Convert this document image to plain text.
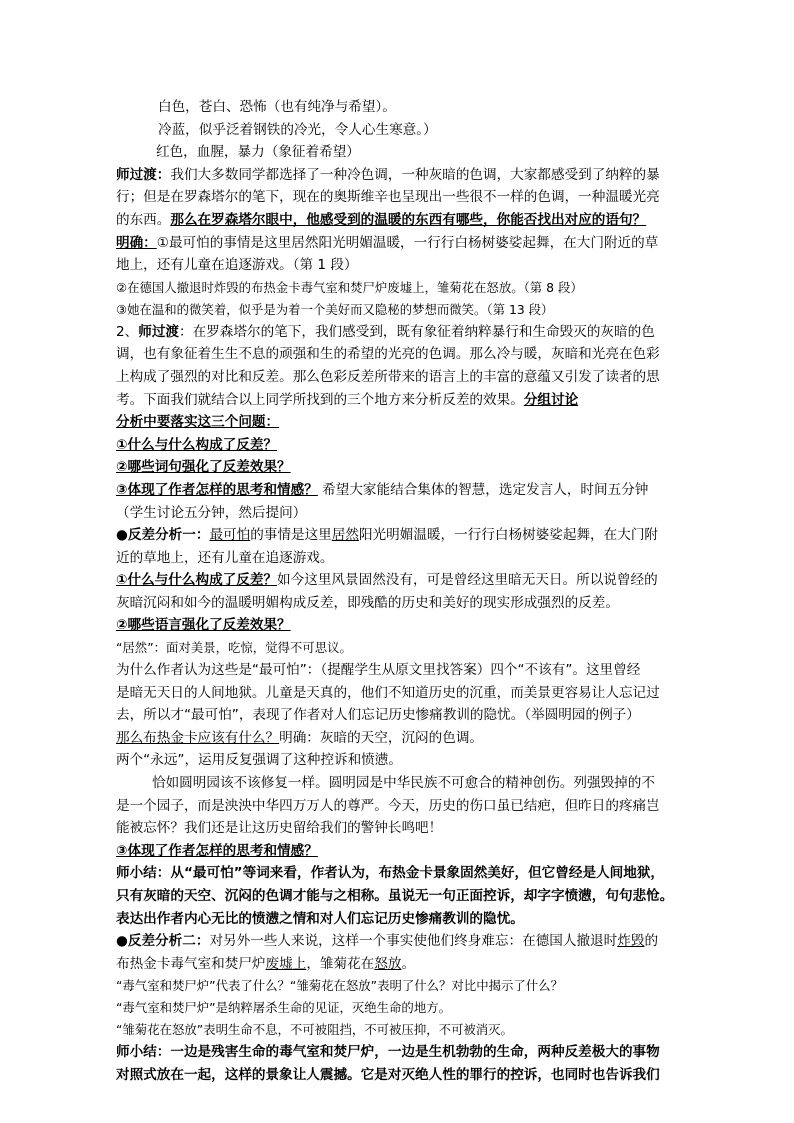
白色，苍白、恐怖（也有纯净与希望）。
冷蓝，似乎泛着钢铁的冷光，令人心生寒意。）
红色，血腥，暴力（象征着希望）
师过渡：我们大多数同学都选择了一种冷色调，一种灰暗的色调，大家都感受到了纳粹的暴
行；但是在罗森塔尔的笔下，现在的奥斯维辛也呈现出一些很不一样的色调，一种温暖光亮
的东西。那么在罗森塔尔眼中，他感受到的温暖的东西有哪些，你能否找出对应的语句？
明确：①最可怕的事情是这里居然阳光明媚温暖，一行行白杨树婆娑起舞，在大门附近的草
地上，还有儿童在追逐游戏。（第 1 段）
②在德国人撤退时炸毁的布热金卡毒气室和焚尸炉废墟上，雏菊花在怒放。（第 8 段）
③她在温和的微笑着，似乎是为着一个美好而又隐秘的梦想而微笑。（第 13 段）
2、师过渡：在罗森塔尔的笔下，我们感受到，既有象征着纳粹暴行和生命毁灭的灰暗的色
调，也有象征着生生不息的顽强和生的希望的光亮的色调。那么冷与暖，灰暗和光亮在色彩
上构成了强烈的对比和反差。那么色彩反差所带来的语言上的丰富的意蕴又引发了读者的思
考。下面我们就结合以上同学所找到的三个地方来分析反差的效果。分组讨论
分析中要落实这三个问题：
①什么与什么构成了反差？
②哪些词句强化了反差效果？
③体现了作者怎样的思考和情感？ 希望大家能结合集体的智慧，选定发言人，时间五分钟
（学生讨论五分钟，然后提问）
●反差分析一：最可怕的事情是这里居然阳光明媚温暖，一行行白杨树婆娑起舞，在大门附
近的草地上，还有儿童在追逐游戏。
①什么与什么构成了反差？如今这里风景固然没有，可是曾经这里暗无天日。所以说曾经的
灰暗沉闷和如今的温暖明媚构成反差，即残酷的历史和美好的现实形成强烈的反差。
②哪些语言强化了反差效果？
“居然”：面对美景，吃惊，觉得不可思议。
为什么作者认为这些是“最可怕”：（提醒学生从原文里找答案）四个“不该有”。这里曾经
是暗无天日的人间地狱。儿童是天真的，他们不知道历史的沉重，而美景更容易让人忘记过
去，所以才“最可怕”，表现了作者对人们忘记历史惨痛教训的隐忧。（举圆明园的例子）
那么布热金卡应该有什么？明确：灰暗的天空，沉闷的色调。
两个“永远”，运用反复强调了这种控诉和愤懑。
恰如圆明园该不该修复一样。圆明园是中华民族不可愈合的精神创伤。列强毁掉的不
是一个园子，而是泱泱中华四万万人的尊严。今天，历史的伤口虽已结疤，但昨日的疼痛岂
能被忘怀？我们还是让这历史留给我们的警钟长鸣吧！
③体现了作者怎样的思考和情感？
师小结：从“最可怕”等词来看，作者认为，布热金卡景象固然美好，但它曾经是人间地狱，
只有灰暗的天空、沉闷的色调才能与之相称。虽说无一句正面控诉，却字字愤懑，句句悲怆。
表达出作者内心无比的愤懑之情和对人们忘记历史惨痛教训的隐忧。
●反差分析二：对另外一些人来说，这样一个事实使他们终身难忘：在德国人撤退时炸毁的
布热金卡毒气室和焚尸炉废墟上，雏菊花在怒放。
“毒气室和焚尸炉”代表了什么？“雏菊花在怒放”表明了什么？对比中揭示了什么？
“毒气室和焚尸炉”是纳粹屠杀生命的见证，灭绝生命的地方。
“雏菊花在怒放”表明生命不息，不可被阻挡，不可被压抑，不可被消灭。
师小结：一边是残害生命的毒气室和焚尸炉，一边是生机勃勃的生命，两种反差极大的事物
对照式放在一起，这样的景象让人震撼。它是对灭绝人性的罪行的控诉，也同时也告诉我们
